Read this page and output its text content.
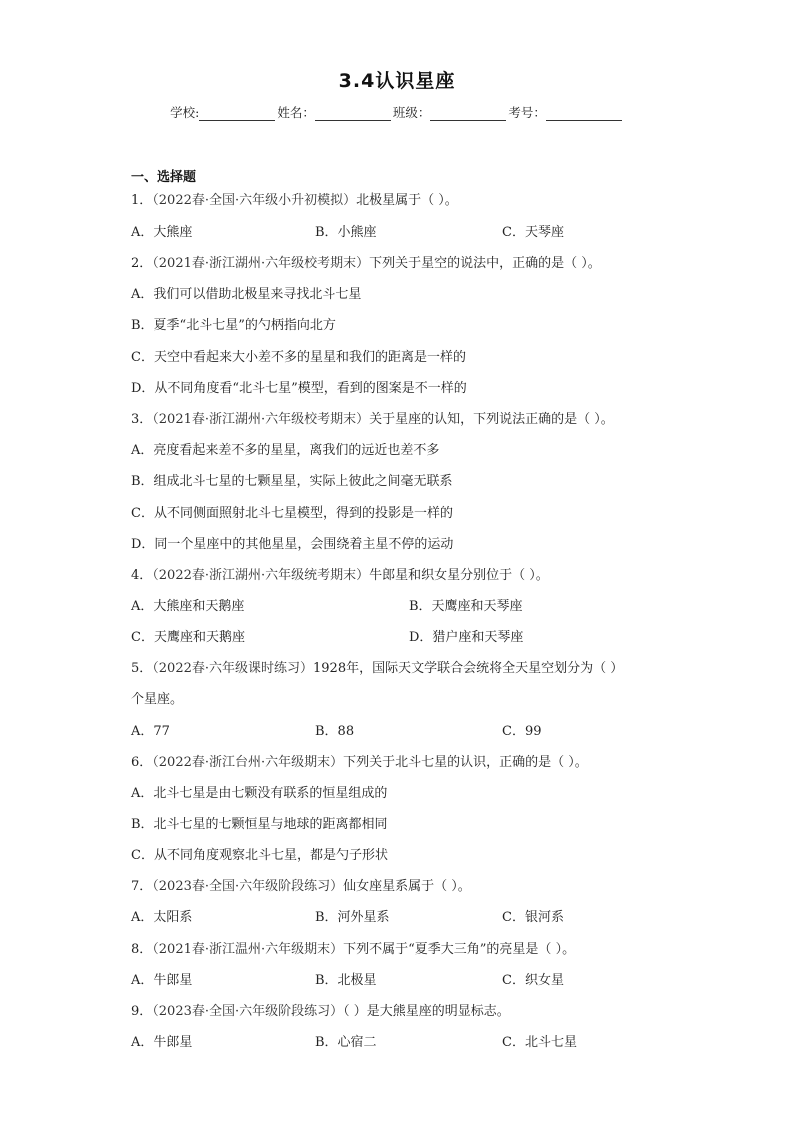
3.4认识星座
学校:	姓名：	班级：	考号：
一、选择题
1．（2022春·全国·六年级小升初模拟）北极星属于（ ）。
A．大熊座	B．小熊座	C．天琴座
2．（2021春·浙江湖州·六年级校考期末）下列关于星空的说法中，正确的是（ ）。
A．我们可以借助北极星来寻找北斗七星
B．夏季“北斗七星”的勺柄指向北方
C．天空中看起来大小差不多的星星和我们的距离是一样的
D．从不同角度看“北斗七星”模型，看到的图案是不一样的
3．（2021春·浙江湖州·六年级校考期末）关于星座的认知，下列说法正确的是（ ）。
A．亮度看起来差不多的星星，离我们的远近也差不多
B．组成北斗七星的七颗星星，实际上彼此之间毫无联系
C．从不同侧面照射北斗七星模型，得到的投影是一样的
D．同一个星座中的其他星星，会围绕着主星不停的运动
4．（2022春·浙江湖州·六年级统考期末）牛郎星和织女星分别位于（ ）。
A．大熊座和天鹅座	B．天鹰座和天琴座
C．天鹰座和天鹅座	D．猎户座和天琴座
5．（2022春·六年级课时练习）1928年，国际天文学联合会统将全天星空划分为（ ）
个星座。
A．77	B．88	C．99
6．（2022春·浙江台州·六年级期末）下列关于北斗七星的认识，正确的是（ ）。
A．北斗七星是由七颗没有联系的恒星组成的
B．北斗七星的七颗恒星与地球的距离都相同
C．从不同角度观察北斗七星，都是勺子形状
7．（2023春·全国·六年级阶段练习）仙女座星系属于（ ）。
A．太阳系	B．河外星系	C．银河系
8．（2021春·浙江温州·六年级期末）下列不属于“夏季大三角”的亮星是（ ）。
A．牛郎星	B．北极星	C．织女星
9．（2023春·全国·六年级阶段练习）（ ）是大熊星座的明显标志。
A．牛郎星	B．心宿二	C．北斗七星
